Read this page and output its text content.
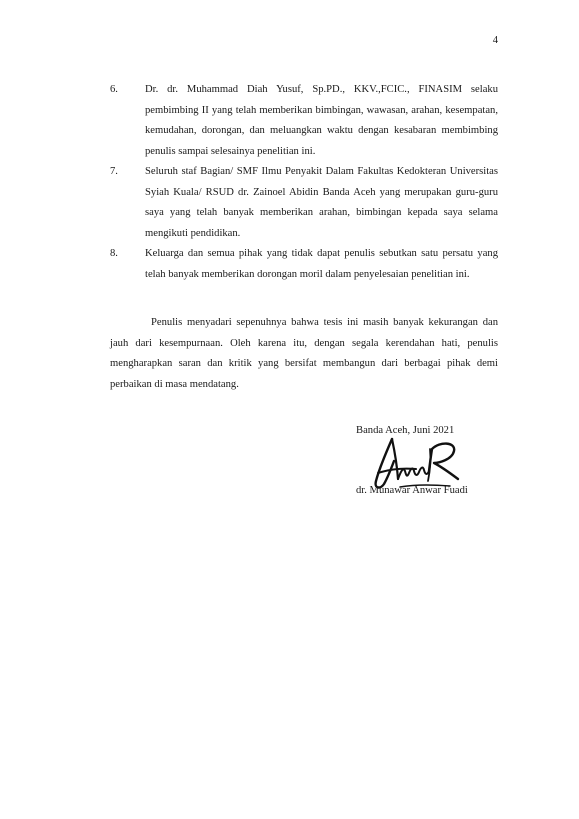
4
6.	Dr. dr. Muhammad Diah Yusuf, Sp.PD., KKV.,FCIC., FINASIM selaku pembimbing II yang telah memberikan bimbingan, wawasan, arahan, kesempatan, kemudahan, dorongan, dan meluangkan waktu dengan kesabaran membimbing penulis sampai selesainya penelitian ini.
7.	Seluruh staf Bagian/ SMF Ilmu Penyakit Dalam Fakultas Kedokteran Universitas Syiah Kuala/ RSUD dr. Zainoel Abidin Banda Aceh yang merupakan guru-guru saya yang telah banyak memberikan arahan, bimbingan kepada saya selama mengikuti pendidikan.
8.	Keluarga dan semua pihak yang tidak dapat penulis sebutkan satu persatu yang telah banyak memberikan dorongan moril dalam penyelesaian penelitian ini.

Penulis menyadari sepenuhnya bahwa tesis ini masih banyak kekurangan dan jauh dari kesempurnaan. Oleh karena itu, dengan segala kerendahan hati, penulis mengharapkan saran dan kritik yang bersifat membangun dari berbagai pihak demi perbaikan di masa mendatang.

Banda Aceh, Juni 2021
dr. Munawar Anwar Fuadi
